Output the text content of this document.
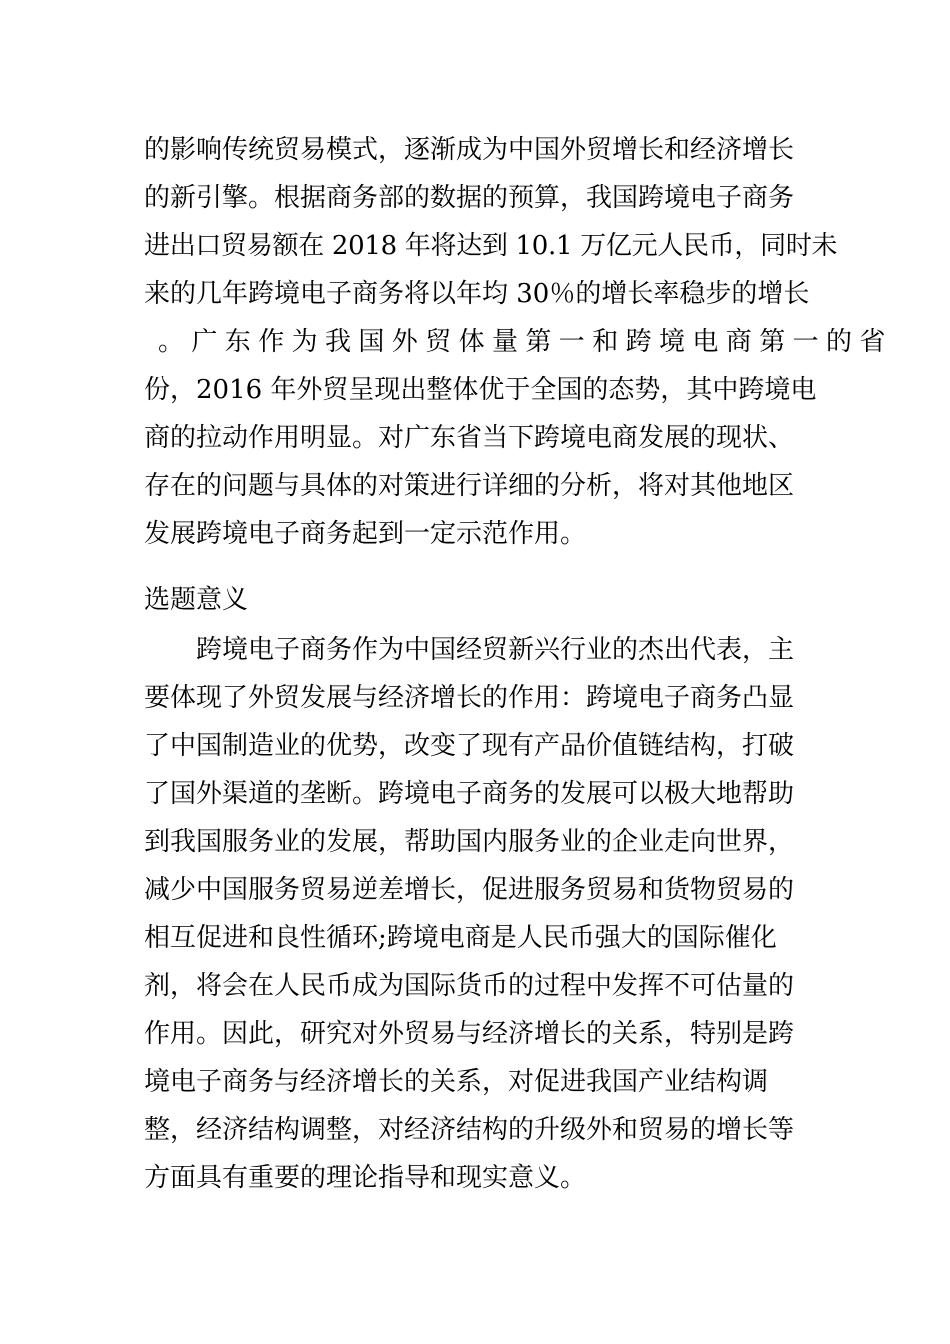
的影响传统贸易模式，逐渐成为中国外贸增长和经济增长
的新引擎。根据商务部的数据的预算，我国跨境电子商务
进出口贸易额在 2018 年将达到 10.1 万亿元人民币，同时未
来的几年跨境电子商务将以年均 30％的增长率稳步的增长
。广东作为我国外贸体量第一和跨境电商第一的省
份，2016 年外贸呈现出整体优于全国的态势，其中跨境电
商的拉动作用明显。对广东省当下跨境电商发展的现状、
存在的问题与具体的对策进行详细的分析，将对其他地区
发展跨境电子商务起到一定示范作用。
选题意义
跨境电子商务作为中国经贸新兴行业的杰出代表，主
要体现了外贸发展与经济增长的作用：跨境电子商务凸显
了中国制造业的优势，改变了现有产品价值链结构，打破
了国外渠道的垄断。跨境电子商务的发展可以极大地帮助
到我国服务业的发展，帮助国内服务业的企业走向世界，
减少中国服务贸易逆差增长，促进服务贸易和货物贸易的
相互促进和良性循环;跨境电商是人民币强大的国际催化
剂，将会在人民币成为国际货币的过程中发挥不可估量的
作用。因此，研究对外贸易与经济增长的关系，特别是跨
境电子商务与经济增长的关系，对促进我国产业结构调
整，经济结构调整，对经济结构的升级外和贸易的增长等
方面具有重要的理论指导和现实意义。
